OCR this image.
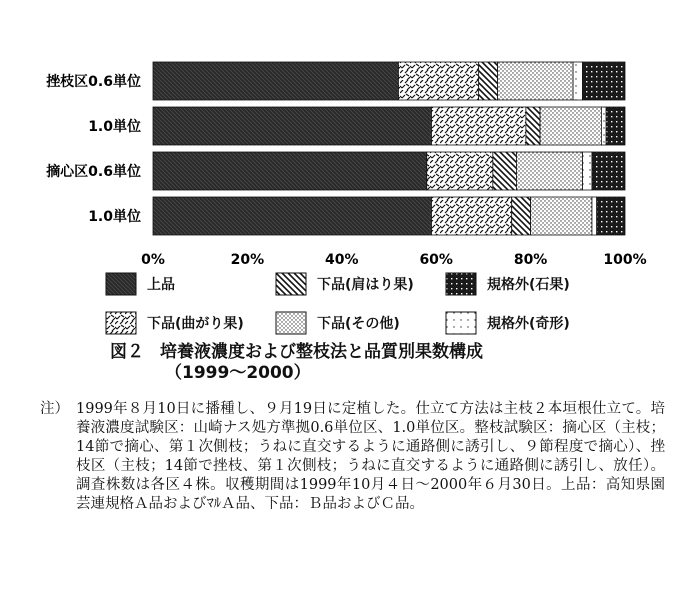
挫枝区0.6単位
1.0単位
摘心区0.6単位
1.0単位
0%	20%	40%	60%	80%	100%
上品	下品(肩はり果)	規格外(石果)
下品(曲がり果)	下品(その他)	規格外(奇形)
図２ 培養液濃度および整枝法と品質別果数構成
（1999～2000）
注） 1999年８月10日に播種し、９月19日に定植した。仕立て方法は主枝２本垣根仕立て。培養液濃度試験区：山崎ナス処方準拠0.6単位区、1.0単位区。整枝試験区：摘心区（主枝；14節で摘心、第１次側枝；うねに直交するように通路側に誘引し、９節程度で摘心）、挫枝区（主枝；14節で挫枝、第１次側枝；うねに直交するように通路側に誘引し、放任）。調査株数は各区４株。収穫期間は1999年10月４日～2000年６月30日。上品：高知県園芸連規格Ａ品およびﾏﾙＡ品、下品：Ｂ品およびＣ品。
